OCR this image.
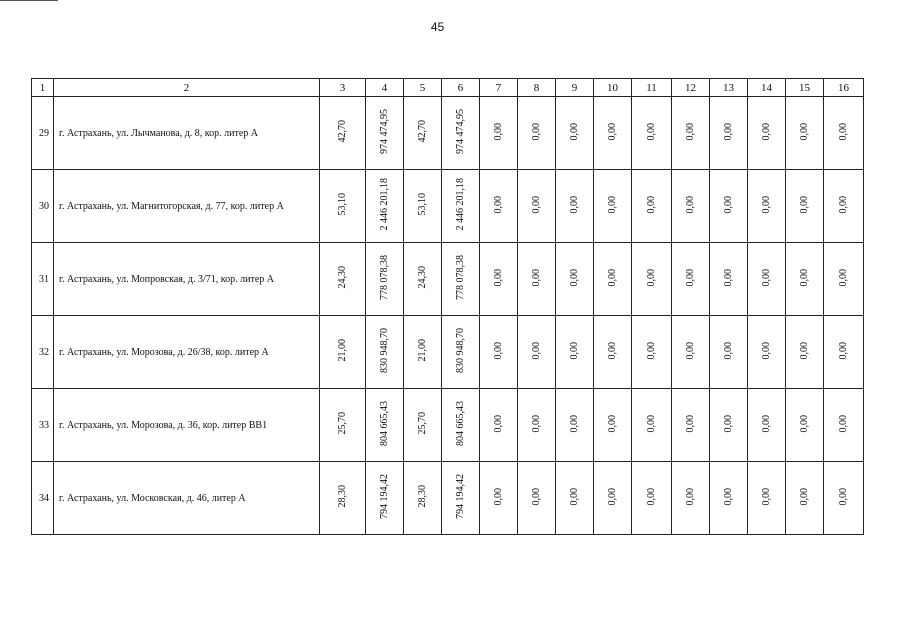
45
1	2	3	4	5	6	7	8	9	10	11	12	13	14	15	16
29	г. Астрахань, ул. Лычманова, д. 8, кор. литер А	42,70	974 474,95	42,70	974 474,95	0,00	0,00	0,00	0,00	0,00	0,00	0,00	0,00	0,00	0,00
30	г. Астрахань, ул. Магнитогорская, д. 77, кор. литер А	53,10	2 446 201,18	53,10	2 446 201,18	0,00	0,00	0,00	0,00	0,00	0,00	0,00	0,00	0,00	0,00
31	г. Астрахань, ул. Мопровская, д. 3/71, кор. литер А	24,30	778 078,38	24,30	778 078,38	0,00	0,00	0,00	0,00	0,00	0,00	0,00	0,00	0,00	0,00
32	г. Астрахань, ул. Морозова, д. 26/38, кор. литер А	21,00	830 948,70	21,00	830 948,70	0,00	0,00	0,00	0,00	0,00	0,00	0,00	0,00	0,00	0,00
33	г. Астрахань, ул. Морозова, д. 36, кор. литер ВВ1	25,70	804 665,43	25,70	804 665,43	0,00	0,00	0,00	0,00	0,00	0,00	0,00	0,00	0,00	0,00
34	г. Астрахань, ул. Московская, д. 46, литер А	28,30	794 194,42	28,30	794 194,42	0,00	0,00	0,00	0,00	0,00	0,00	0,00	0,00	0,00	0,00
